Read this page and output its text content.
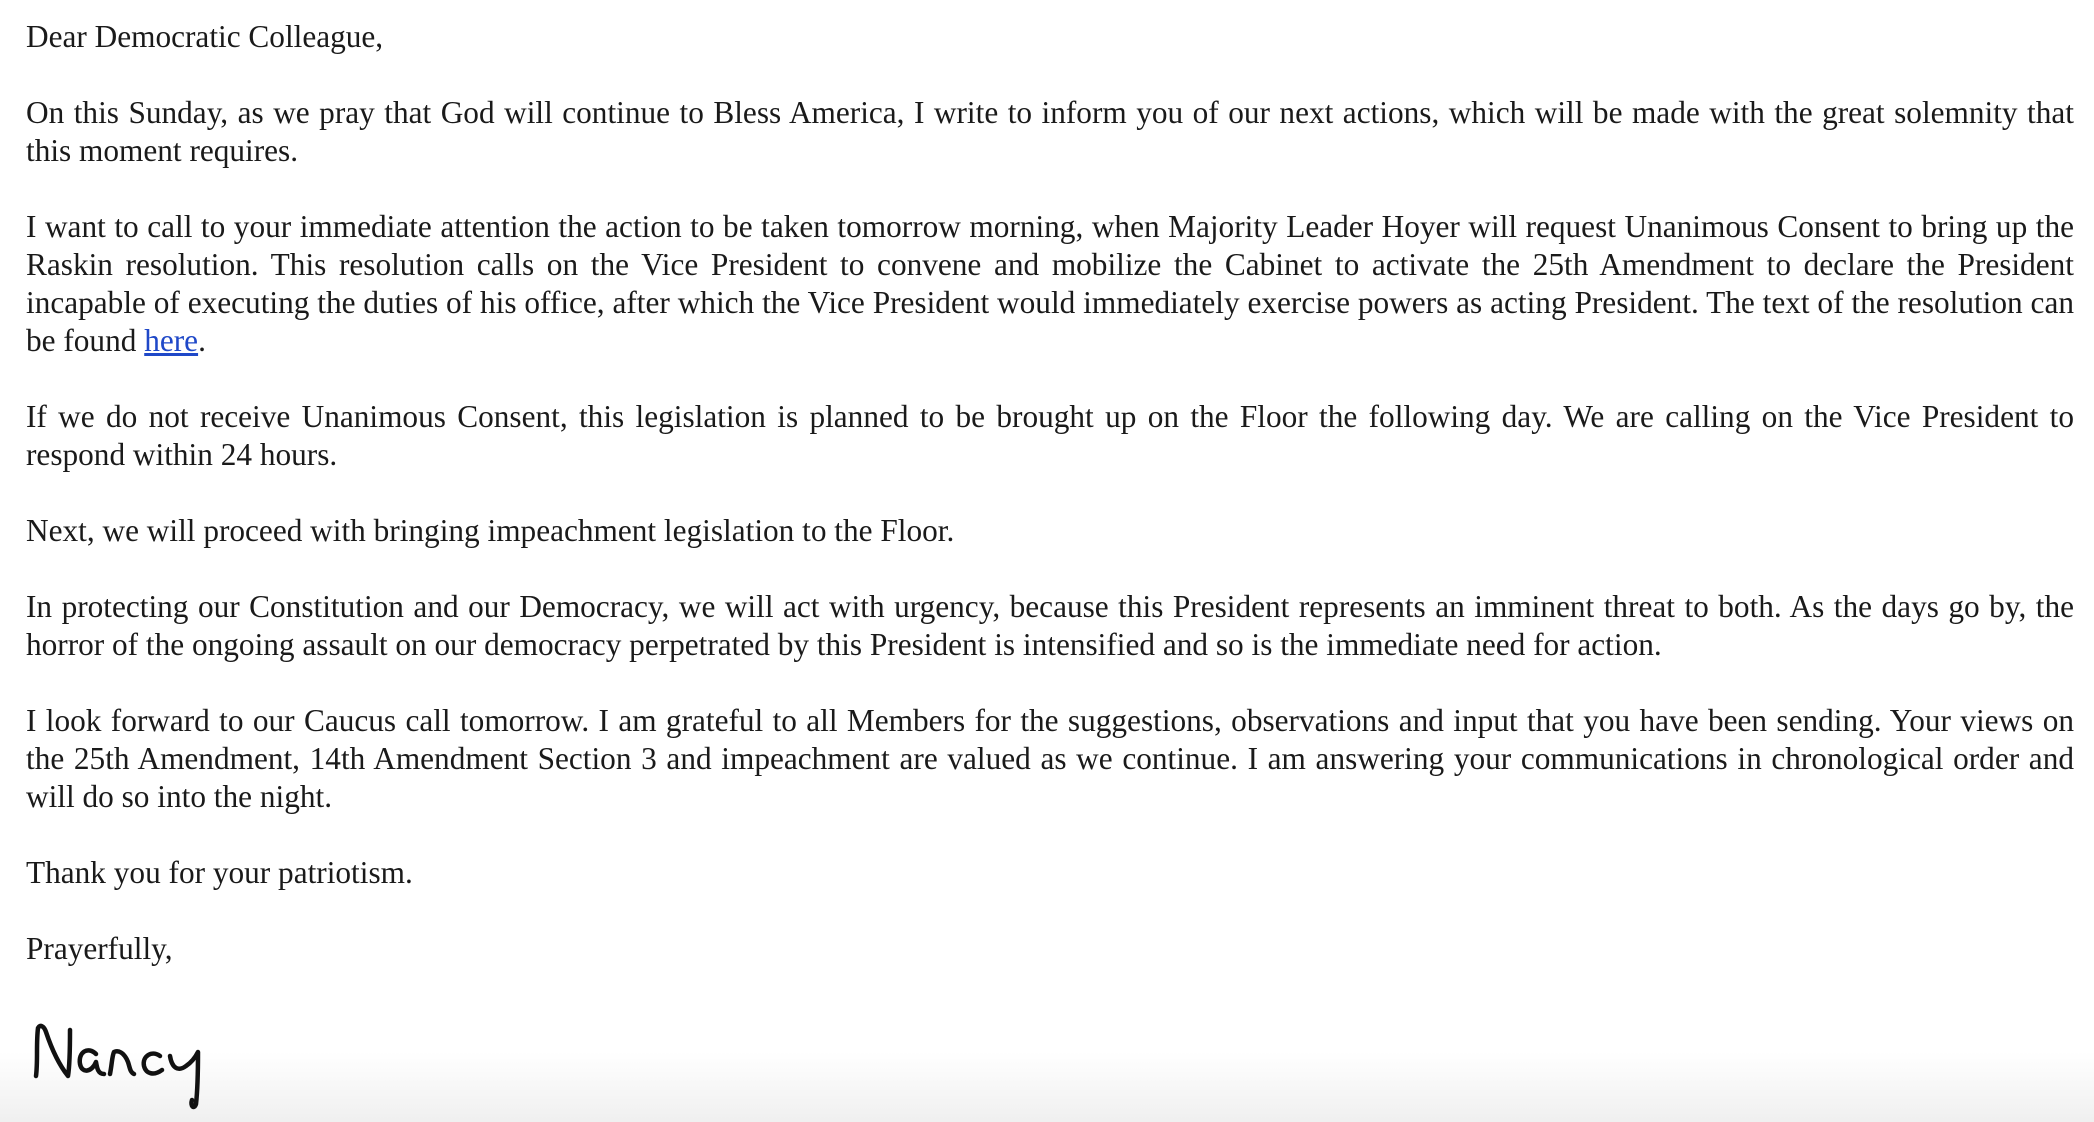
Dear Democratic Colleague,

On this Sunday, as we pray that God will continue to Bless America, I write to inform you of our next actions, which will be made with the great solemnity that this moment requires.

I want to call to your immediate attention the action to be taken tomorrow morning, when Majority Leader Hoyer will request Unanimous Consent to bring up the Raskin resolution. This resolution calls on the Vice President to convene and mobilize the Cabinet to activate the 25th Amendment to declare the President incapable of executing the duties of his office, after which the Vice President would immediately exercise powers as acting President. The text of the resolution can be found here.

If we do not receive Unanimous Consent, this legislation is planned to be brought up on the Floor the following day. We are calling on the Vice President to respond within 24 hours.

Next, we will proceed with bringing impeachment legislation to the Floor.

In protecting our Constitution and our Democracy, we will act with urgency, because this President represents an imminent threat to both. As the days go by, the horror of the ongoing assault on our democracy perpetrated by this President is intensified and so is the immediate need for action.

I look forward to our Caucus call tomorrow. I am grateful to all Members for the suggestions, observations and input that you have been sending. Your views on the 25th Amendment, 14th Amendment Section 3 and impeachment are valued as we continue. I am answering your communications in chronological order and will do so into the night.

Thank you for your patriotism.

Prayerfully,
